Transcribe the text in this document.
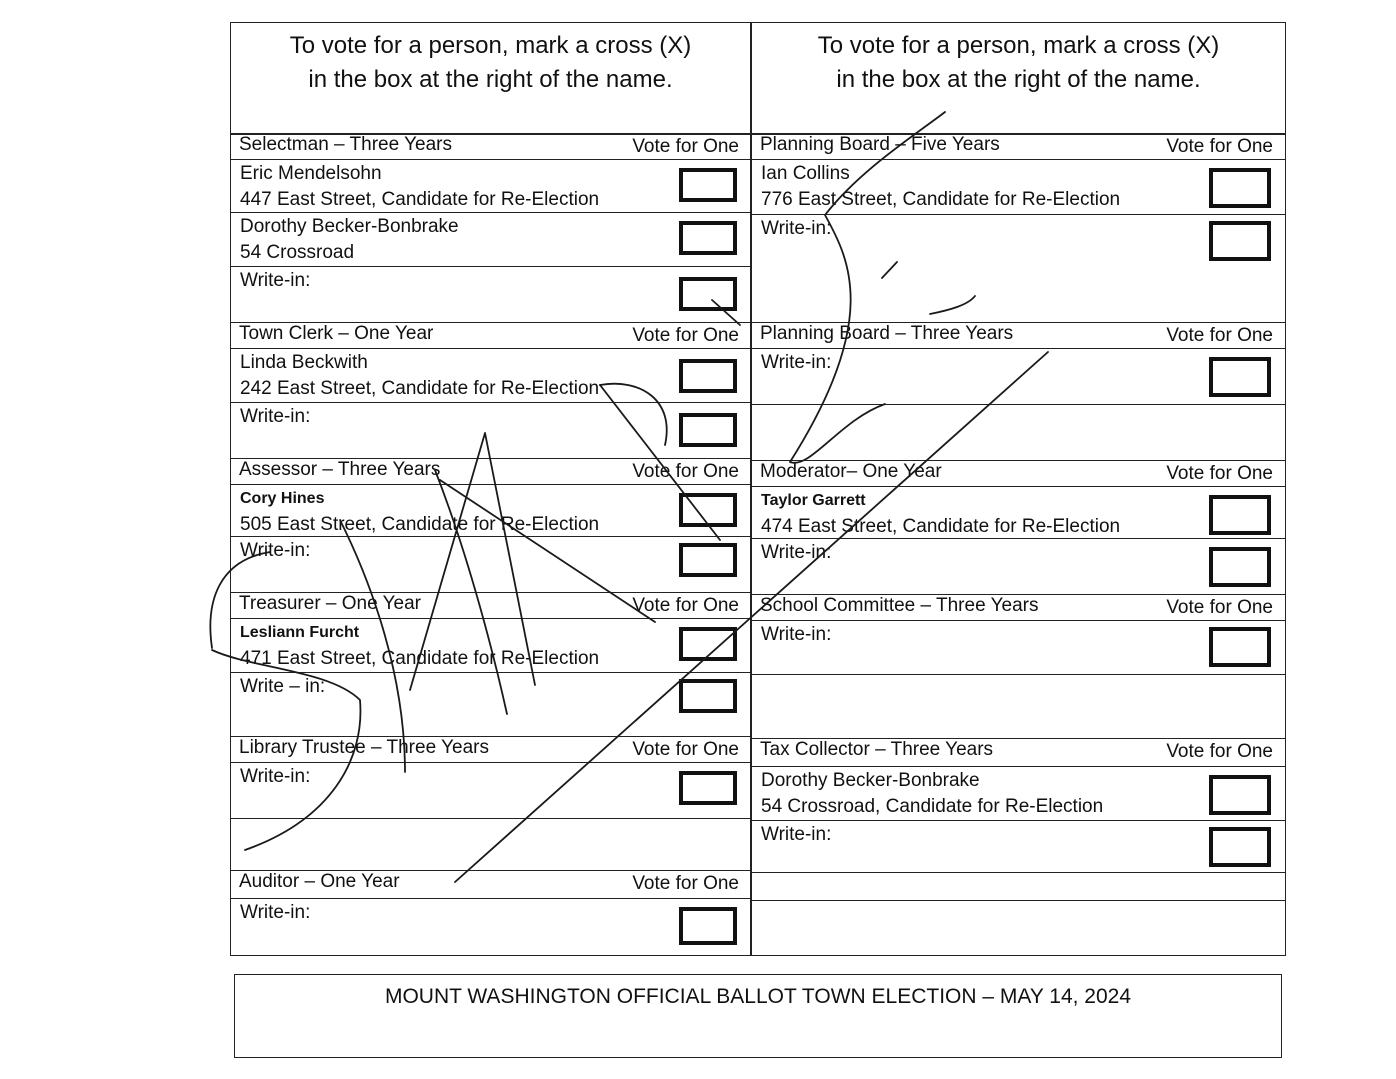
To vote for a person, mark a cross (X)
in the box at the right of the name.
To vote for a person, mark a cross (X)
in the box at the right of the name.
Selectman – Three Years	Vote for One
Eric Mendelsohn
447 East Street, Candidate for Re-Election
Dorothy Becker-Bonbrake
54 Crossroad
Write-in:
Town Clerk – One Year	Vote for One
Linda Beckwith
242 East Street, Candidate for Re-Election
Write-in:
Assessor – Three Years	Vote for One
Cory Hines
505 East Street, Candidate for Re-Election
Write-in:
Treasurer – One Year	Vote for One
Lesliann Furcht
471 East Street, Candidate for Re-Election
Write – in:
Library Trustee – Three Years	Vote for One
Write-in:
Auditor – One Year	Vote for One
Write-in:
Planning Board – Five Years	Vote for One
Ian Collins
776 East Street, Candidate for Re-Election
Write-in:
Planning Board – Three Years	Vote for One
Write-in:
Moderator– One Year	Vote for One
Taylor Garrett
474 East Street, Candidate for Re-Election
Write-in:
School Committee – Three Years	Vote for One
Write-in:
Tax Collector – Three Years	Vote for One
Dorothy Becker-Bonbrake
54 Crossroad, Candidate for Re-Election
Write-in:
MOUNT WASHINGTON OFFICIAL BALLOT TOWN ELECTION – MAY 14, 2024
